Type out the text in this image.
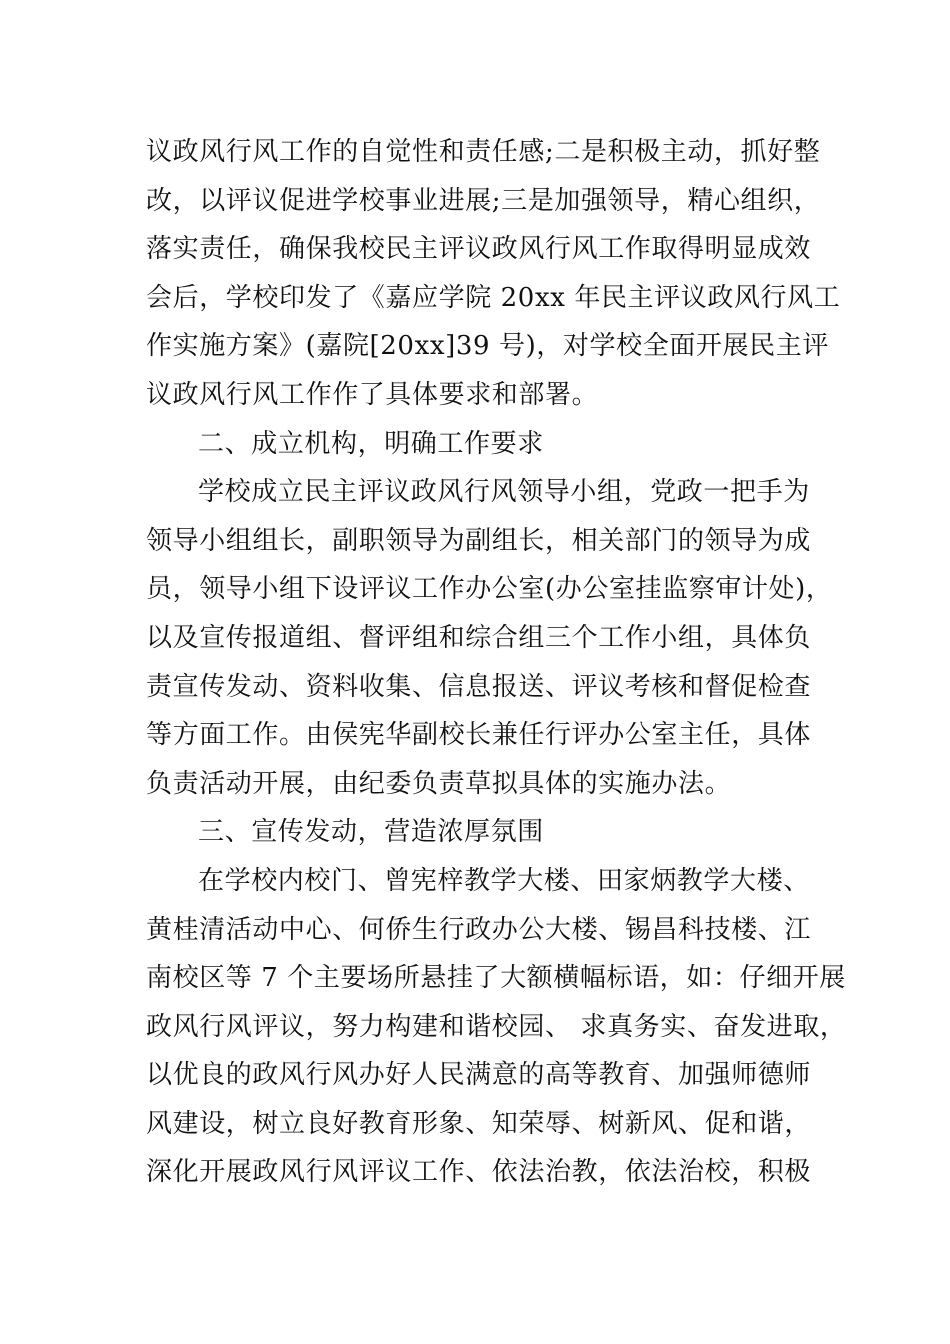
议政风行风工作的自觉性和责任感;二是积极主动，抓好整
改，以评议促进学校事业进展;三是加强领导，精心组织，
落实责任，确保我校民主评议政风行风工作取得明显成效
会后，学校印发了《嘉应学院 20xx 年民主评议政风行风工
作实施方案》(嘉院[20xx]39 号)，对学校全面开展民主评
议政风行风工作作了具体要求和部署。
二、成立机构，明确工作要求
学校成立民主评议政风行风领导小组，党政一把手为
领导小组组长，副职领导为副组长，相关部门的领导为成
员，领导小组下设评议工作办公室(办公室挂监察审计处)，
以及宣传报道组、督评组和综合组三个工作小组，具体负
责宣传发动、资料收集、信息报送、评议考核和督促检查
等方面工作。由侯宪华副校长兼任行评办公室主任，具体
负责活动开展，由纪委负责草拟具体的实施办法。
三、宣传发动，营造浓厚氛围
在学校内校门、曾宪梓教学大楼、田家炳教学大楼、
黄桂清活动中心、何侨生行政办公大楼、锡昌科技楼、江
南校区等 7 个主要场所悬挂了大额横幅标语，如：仔细开展
政风行风评议，努力构建和谐校园、 求真务实、奋发进取，
以优良的政风行风办好人民满意的高等教育、加强师德师
风建设，树立良好教育形象、知荣辱、树新风、促和谐，
深化开展政风行风评议工作、依法治教，依法治校，积极
